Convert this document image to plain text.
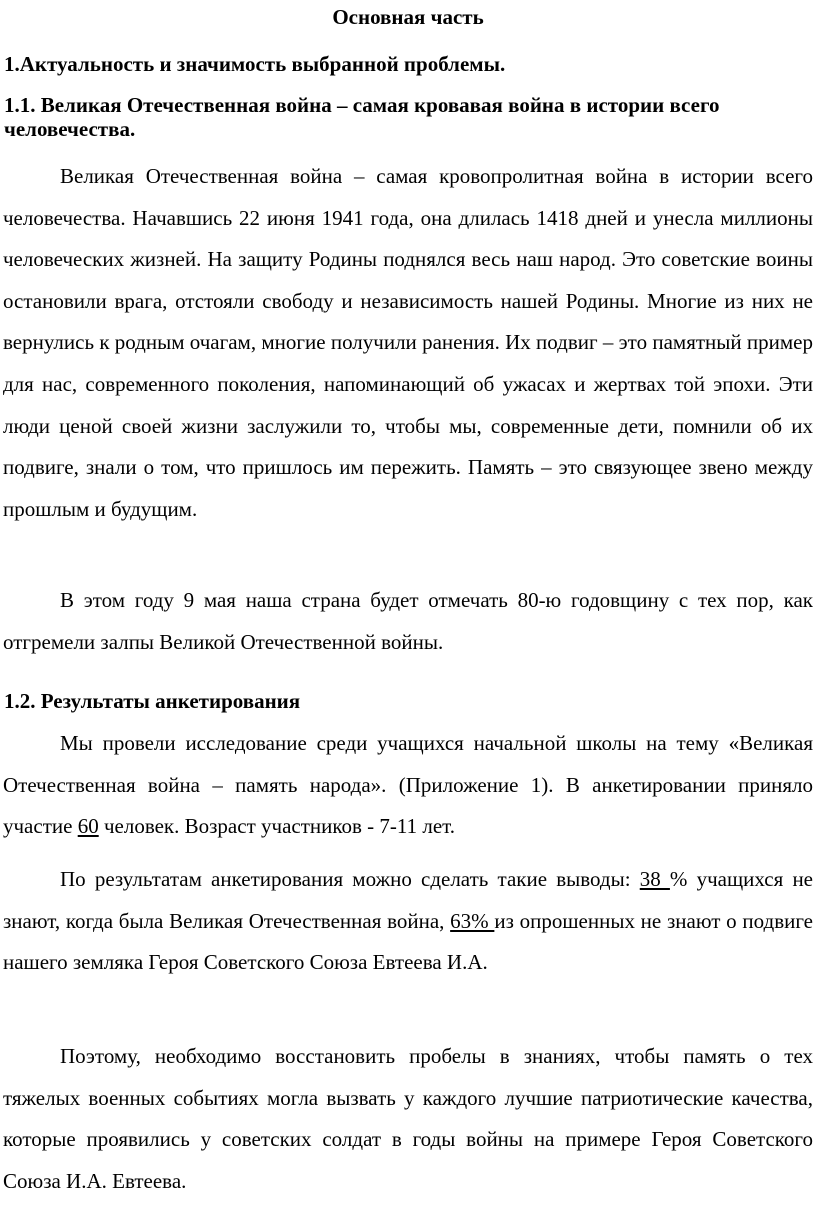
Основная часть
1.Актуальность и значимость выбранной проблемы.
1.1. Великая Отечественная война – самая кровавая война в истории всего человечества.
Великая Отечественная война – самая кровопролитная война в истории всего человечества. Начавшись 22 июня 1941 года, она длилась 1418 дней и унесла миллионы человеческих жизней. На защиту Родины поднялся весь наш народ. Это советские воины остановили врага, отстояли свободу и независимость нашей Родины. Многие из них не вернулись к родным очагам, многие получили ранения. Их подвиг – это памятный пример для нас, современного поколения, напоминающий об ужасах и жертвах той эпохи. Эти люди ценой своей жизни заслужили то, чтобы мы, современные дети, помнили об их подвиге, знали о том, что пришлось им пережить. Память – это связующее звено между прошлым и будущим.
В этом году 9 мая наша страна будет отмечать 80-ю годовщину с тех пор, как отгремели залпы Великой Отечественной войны.
1.2. Результаты анкетирования
Мы провели исследование среди учащихся начальной школы на тему «Великая Отечественная война – память народа». (Приложение 1). В анкетировании приняло участие 60 человек. Возраст участников - 7-11 лет.
По результатам анкетирования можно сделать такие выводы: 38 % учащихся не знают, когда была Великая Отечественная война, 63% из опрошенных не знают о подвиге нашего земляка Героя Советского Союза Евтеева И.А.
Поэтому, необходимо восстановить пробелы в знаниях, чтобы память о тех тяжелых военных событиях могла вызвать у каждого лучшие патриотические качества, которые проявились у советских солдат в годы войны на примере Героя Советского Союза И.А. Евтеева.
